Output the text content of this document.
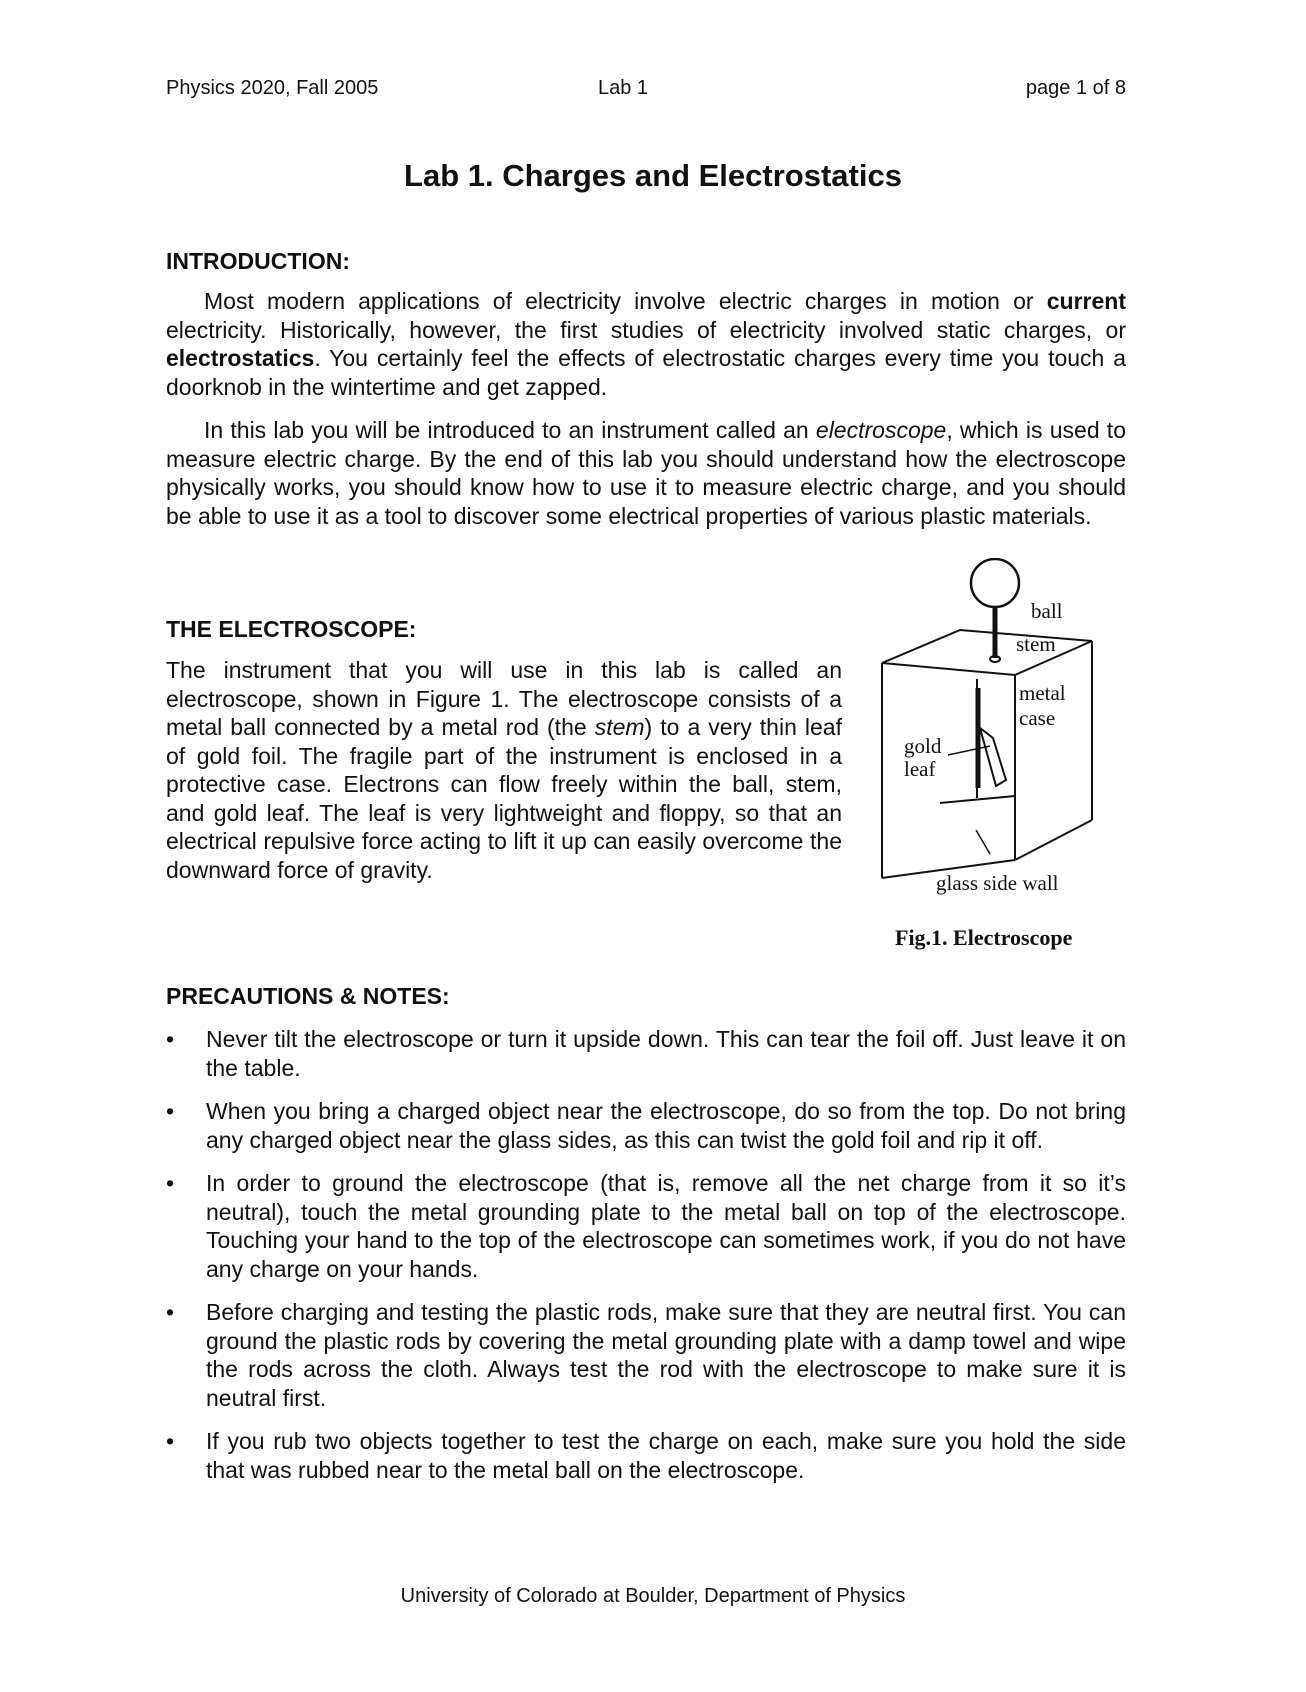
Physics 2020, Fall 2005	Lab 1	page 1 of 8
Lab 1. Charges and Electrostatics
INTRODUCTION:

Most modern applications of electricity involve electric charges in motion or current electricity. Historically, however, the first studies of electricity involved static charges, or electrostatics. You certainly feel the effects of electrostatic charges every time you touch a doorknob in the wintertime and get zapped.

In this lab you will be introduced to an instrument called an electroscope, which is used to measure electric charge. By the end of this lab you should understand how the electroscope physically works, you should know how to use it to measure electric charge, and you should be able to use it as a tool to discover some electrical properties of various plastic materials.

THE ELECTROSCOPE:

The instrument that you will use in this lab is called an electroscope, shown in Figure 1. The electroscope consists of a metal ball connected by a metal rod (the stem) to a very thin leaf of gold foil. The fragile part of the instrument is enclosed in a protective case. Electrons can flow freely within the ball, stem, and gold leaf. The leaf is very lightweight and floppy, so that an electrical repulsive force acting to lift it up can easily overcome the downward force of gravity.

ball
stem
metal
case
gold
leaf
glass side wall
Fig.1. Electroscope
PRECAUTIONS & NOTES:
• Never tilt the electroscope or turn it upside down. This can tear the foil off. Just leave it on the table.
• When you bring a charged object near the electroscope, do so from the top. Do not bring any charged object near the glass sides, as this can twist the gold foil and rip it off.
• In order to ground the electroscope (that is, remove all the net charge from it so it’s neutral), touch the metal grounding plate to the metal ball on top of the electroscope. Touching your hand to the top of the electroscope can sometimes work, if you do not have any charge on your hands.
• Before charging and testing the plastic rods, make sure that they are neutral first. You can ground the plastic rods by covering the metal grounding plate with a damp towel and wipe the rods across the cloth. Always test the rod with the electroscope to make sure it is neutral first.
• If you rub two objects together to test the charge on each, make sure you hold the side that was rubbed near to the metal ball on the electroscope.
University of Colorado at Boulder, Department of Physics
